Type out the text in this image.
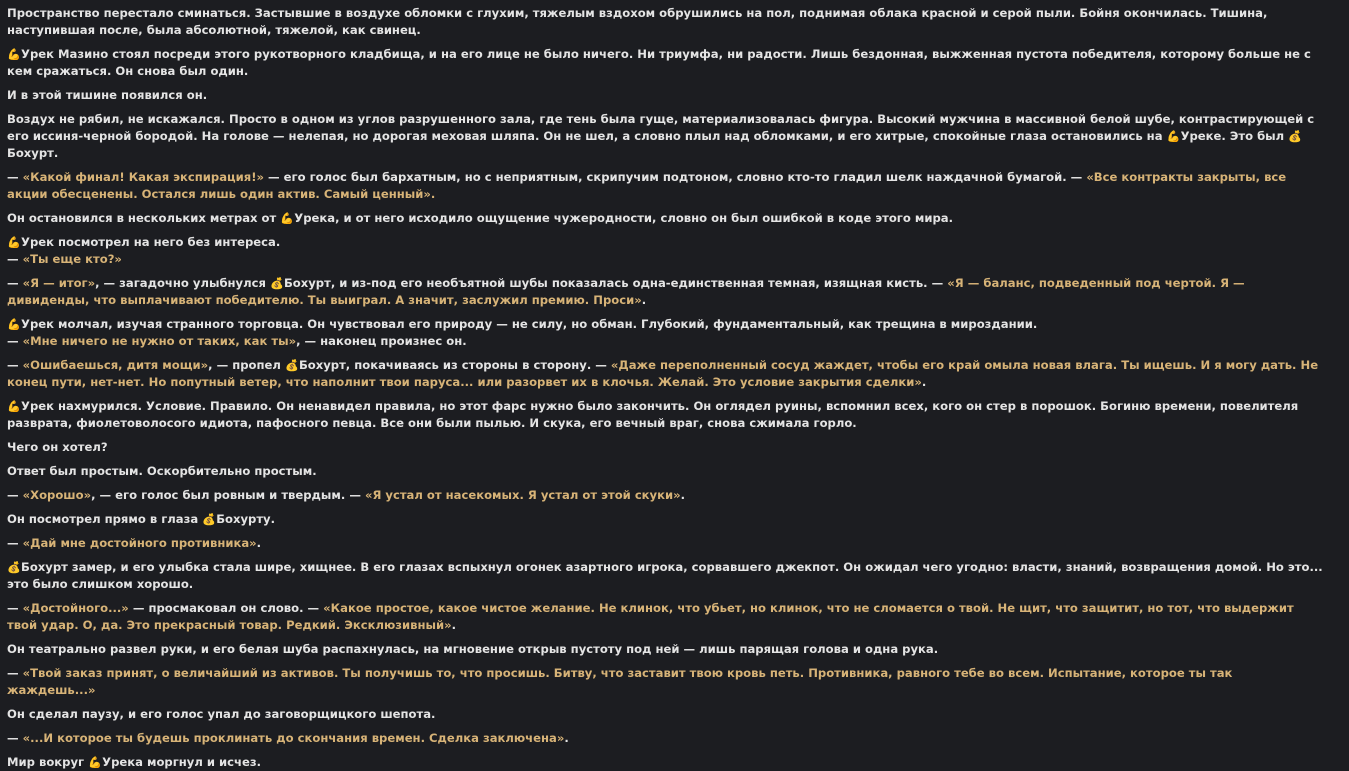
Пространство перестало сминаться. Застывшие в воздухе обломки с глухим, тяжелым вздохом обрушились на пол, поднимая облака красной и серой пыли. Бойня окончилась. Тишина, наступившая после, была абсолютной, тяжелой, как свинец.

💪Урек Мазино стоял посреди этого рукотворного кладбища, и на его лице не было ничего. Ни триумфа, ни радости. Лишь бездонная, выжженная пустота победителя, которому больше не с кем сражаться. Он снова был один.

И в этой тишине появился он.

Воздух не рябил, не искажался. Просто в одном из углов разрушенного зала, где тень была гуще, материализовалась фигура. Высокий мужчина в массивной белой шубе, контрастирующей с его иссиня-черной бородой. На голове — нелепая, но дорогая меховая шляпа. Он не шел, а словно плыл над обломками, и его хитрые, спокойные глаза остановились на 💪Уреке. Это был 💰Бохурт.

— «Какой финал! Какая экспирация!» — его голос был бархатным, но с неприятным, скрипучим подтоном, словно кто-то гладил шелк наждачной бумагой. — «Все контракты закрыты, все акции обесценены. Остался лишь один актив. Самый ценный».

Он остановился в нескольких метрах от 💪Урека, и от него исходило ощущение чужеродности, словно он был ошибкой в коде этого мира.

💪Урек посмотрел на него без интереса.
— «Ты еще кто?»

— «Я — итог», — загадочно улыбнулся 💰Бохурт, и из-под его необъятной шубы показалась одна-единственная темная, изящная кисть. — «Я — баланс, подведенный под чертой. Я — дивиденды, что выплачивают победителю. Ты выиграл. А значит, заслужил премию. Проси».

💪Урек молчал, изучая странного торговца. Он чувствовал его природу — не силу, но обман. Глубокий, фундаментальный, как трещина в мироздании.
— «Мне ничего не нужно от таких, как ты», — наконец произнес он.

— «Ошибаешься, дитя мощи», — пропел 💰Бохурт, покачиваясь из стороны в сторону. — «Даже переполненный сосуд жаждет, чтобы его край омыла новая влага. Ты ищешь. И я могу дать. Не конец пути, нет-нет. Но попутный ветер, что наполнит твои паруса... или разорвет их в клочья. Желай. Это условие закрытия сделки».

💪Урек нахмурился. Условие. Правило. Он ненавидел правила, но этот фарс нужно было закончить. Он оглядел руины, вспомнил всех, кого он стер в порошок. Богиню времени, повелителя разврата, фиолетоволосого идиота, пафосного певца. Все они были пылью. И скука, его вечный враг, снова сжимала горло.

Чего он хотел?

Ответ был простым. Оскорбительно простым.

— «Хорошо», — его голос был ровным и твердым. — «Я устал от насекомых. Я устал от этой скуки».

Он посмотрел прямо в глаза 💰Бохурту.

— «Дай мне достойного противника».

💰Бохурт замер, и его улыбка стала шире, хищнее. В его глазах вспыхнул огонек азартного игрока, сорвавшего джекпот. Он ожидал чего угодно: власти, знаний, возвращения домой. Но это... это было слишком хорошо.

— «Достойного...» — просмаковал он слово. — «Какое простое, какое чистое желание. Не клинок, что убьет, но клинок, что не сломается о твой. Не щит, что защитит, но тот, что выдержит твой удар. О, да. Это прекрасный товар. Редкий. Эксклюзивный».

Он театрально развел руки, и его белая шуба распахнулась, на мгновение открыв пустоту под ней — лишь парящая голова и одна рука.

— «Твой заказ принят, о величайший из активов. Ты получишь то, что просишь. Битву, что заставит твою кровь петь. Противника, равного тебе во всем. Испытание, которое ты так жаждешь...»

Он сделал паузу, и его голос упал до заговорщицкого шепота.

— «...И которое ты будешь проклинать до скончания времен. Сделка заключена».

Мир вокруг 💪Урека моргнул и исчез.
